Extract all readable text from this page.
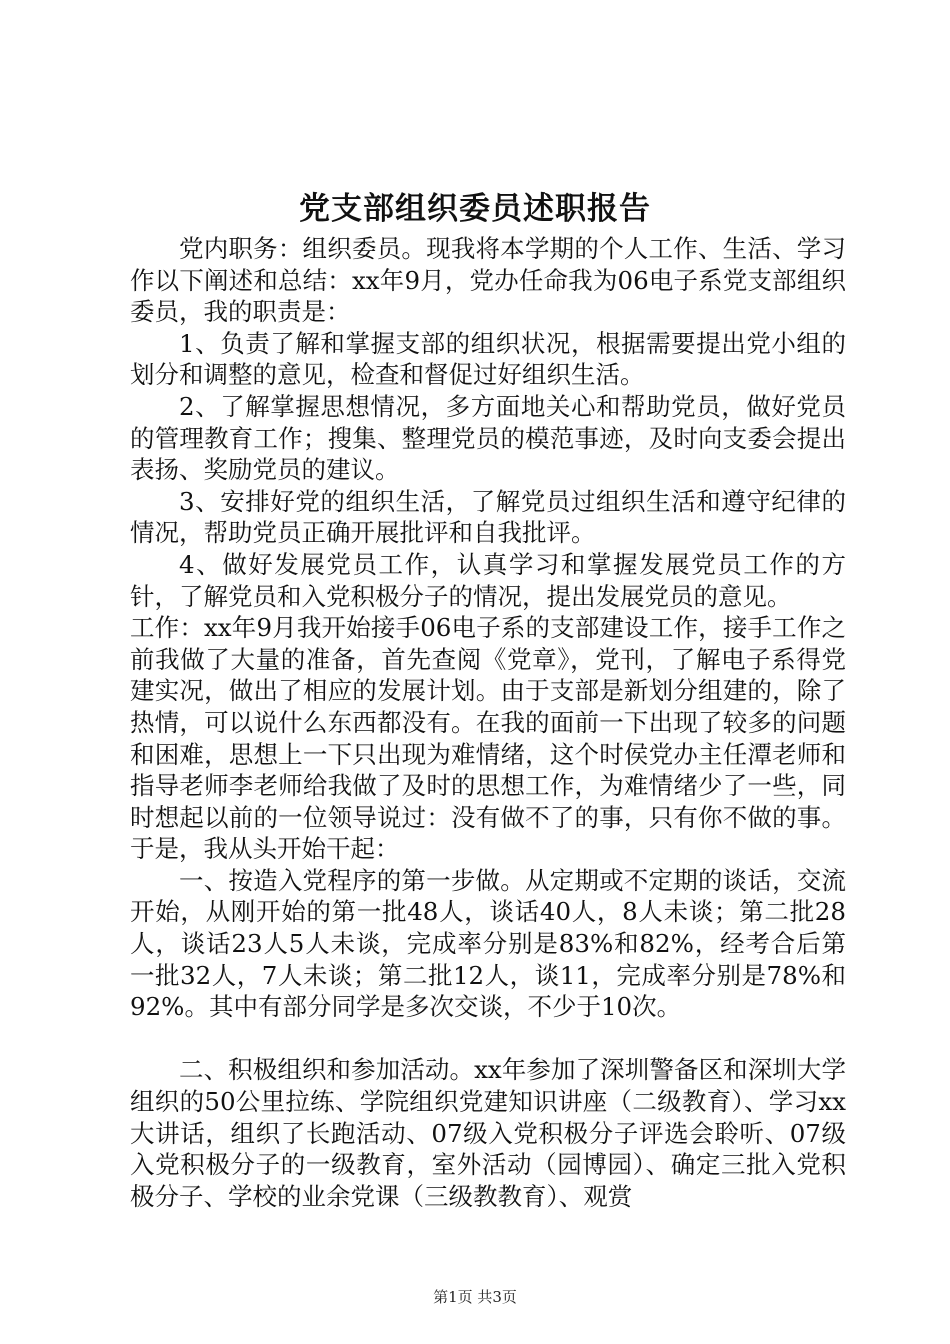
党支部组织委员述职报告

党内职务：组织委员。现我将本学期的个人工作、生活、学习作以下阐述和总结：xx年9月，党办任命我为06电子系党支部组织委员，我的职责是：

1、负责了解和掌握支部的组织状况，根据需要提出党小组的划分和调整的意见，检查和督促过好组织生活。

2、了解掌握思想情况，多方面地关心和帮助党员，做好党员的管理教育工作；搜集、整理党员的模范事迹，及时向支委会提出表扬、奖励党员的建议。

3、安排好党的组织生活，了解党员过组织生活和遵守纪律的情况，帮助党员正确开展批评和自我批评。

4、做好发展党员工作，认真学习和掌握发展党员工作的方针，了解党员和入党积极分子的情况，提出发展党员的意见。

工作：xx年9月我开始接手06电子系的支部建设工作，接手工作之前我做了大量的准备，首先查阅《党章》，党刊，了解电子系得党建实况，做出了相应的发展计划。由于支部是新划分组建的，除了热情，可以说什么东西都没有。在我的面前一下出现了较多的问题和困难，思想上一下只出现为难情绪，这个时侯党办主任潭老师和指导老师李老师给我做了及时的思想工作，为难情绪少了一些，同时想起以前的一位领导说过：没有做不了的事，只有你不做的事。于是，我从头开始干起：

一、按造入党程序的第一步做。从定期或不定期的谈话，交流开始，从刚开始的第一批48人，谈话40人，8人未谈；第二批28人，谈话23人5人未谈，完成率分别是83%和82%，经考合后第一批32人，7人未谈；第二批12人，谈11，完成率分别是78%和92%。其中有部分同学是多次交谈，不少于10次。

二、积极组织和参加活动。xx年参加了深圳警备区和深圳大学组织的50公里拉练、学院组织党建知识讲座（二级教育）、学习xx大讲话，组织了长跑活动、07级入党积极分子评选会聆听、07级入党积极分子的一级教育，室外活动（园博园）、确定三批入党积极分子、学校的业余党课（三级教教育）、观赏

第1页 共3页
